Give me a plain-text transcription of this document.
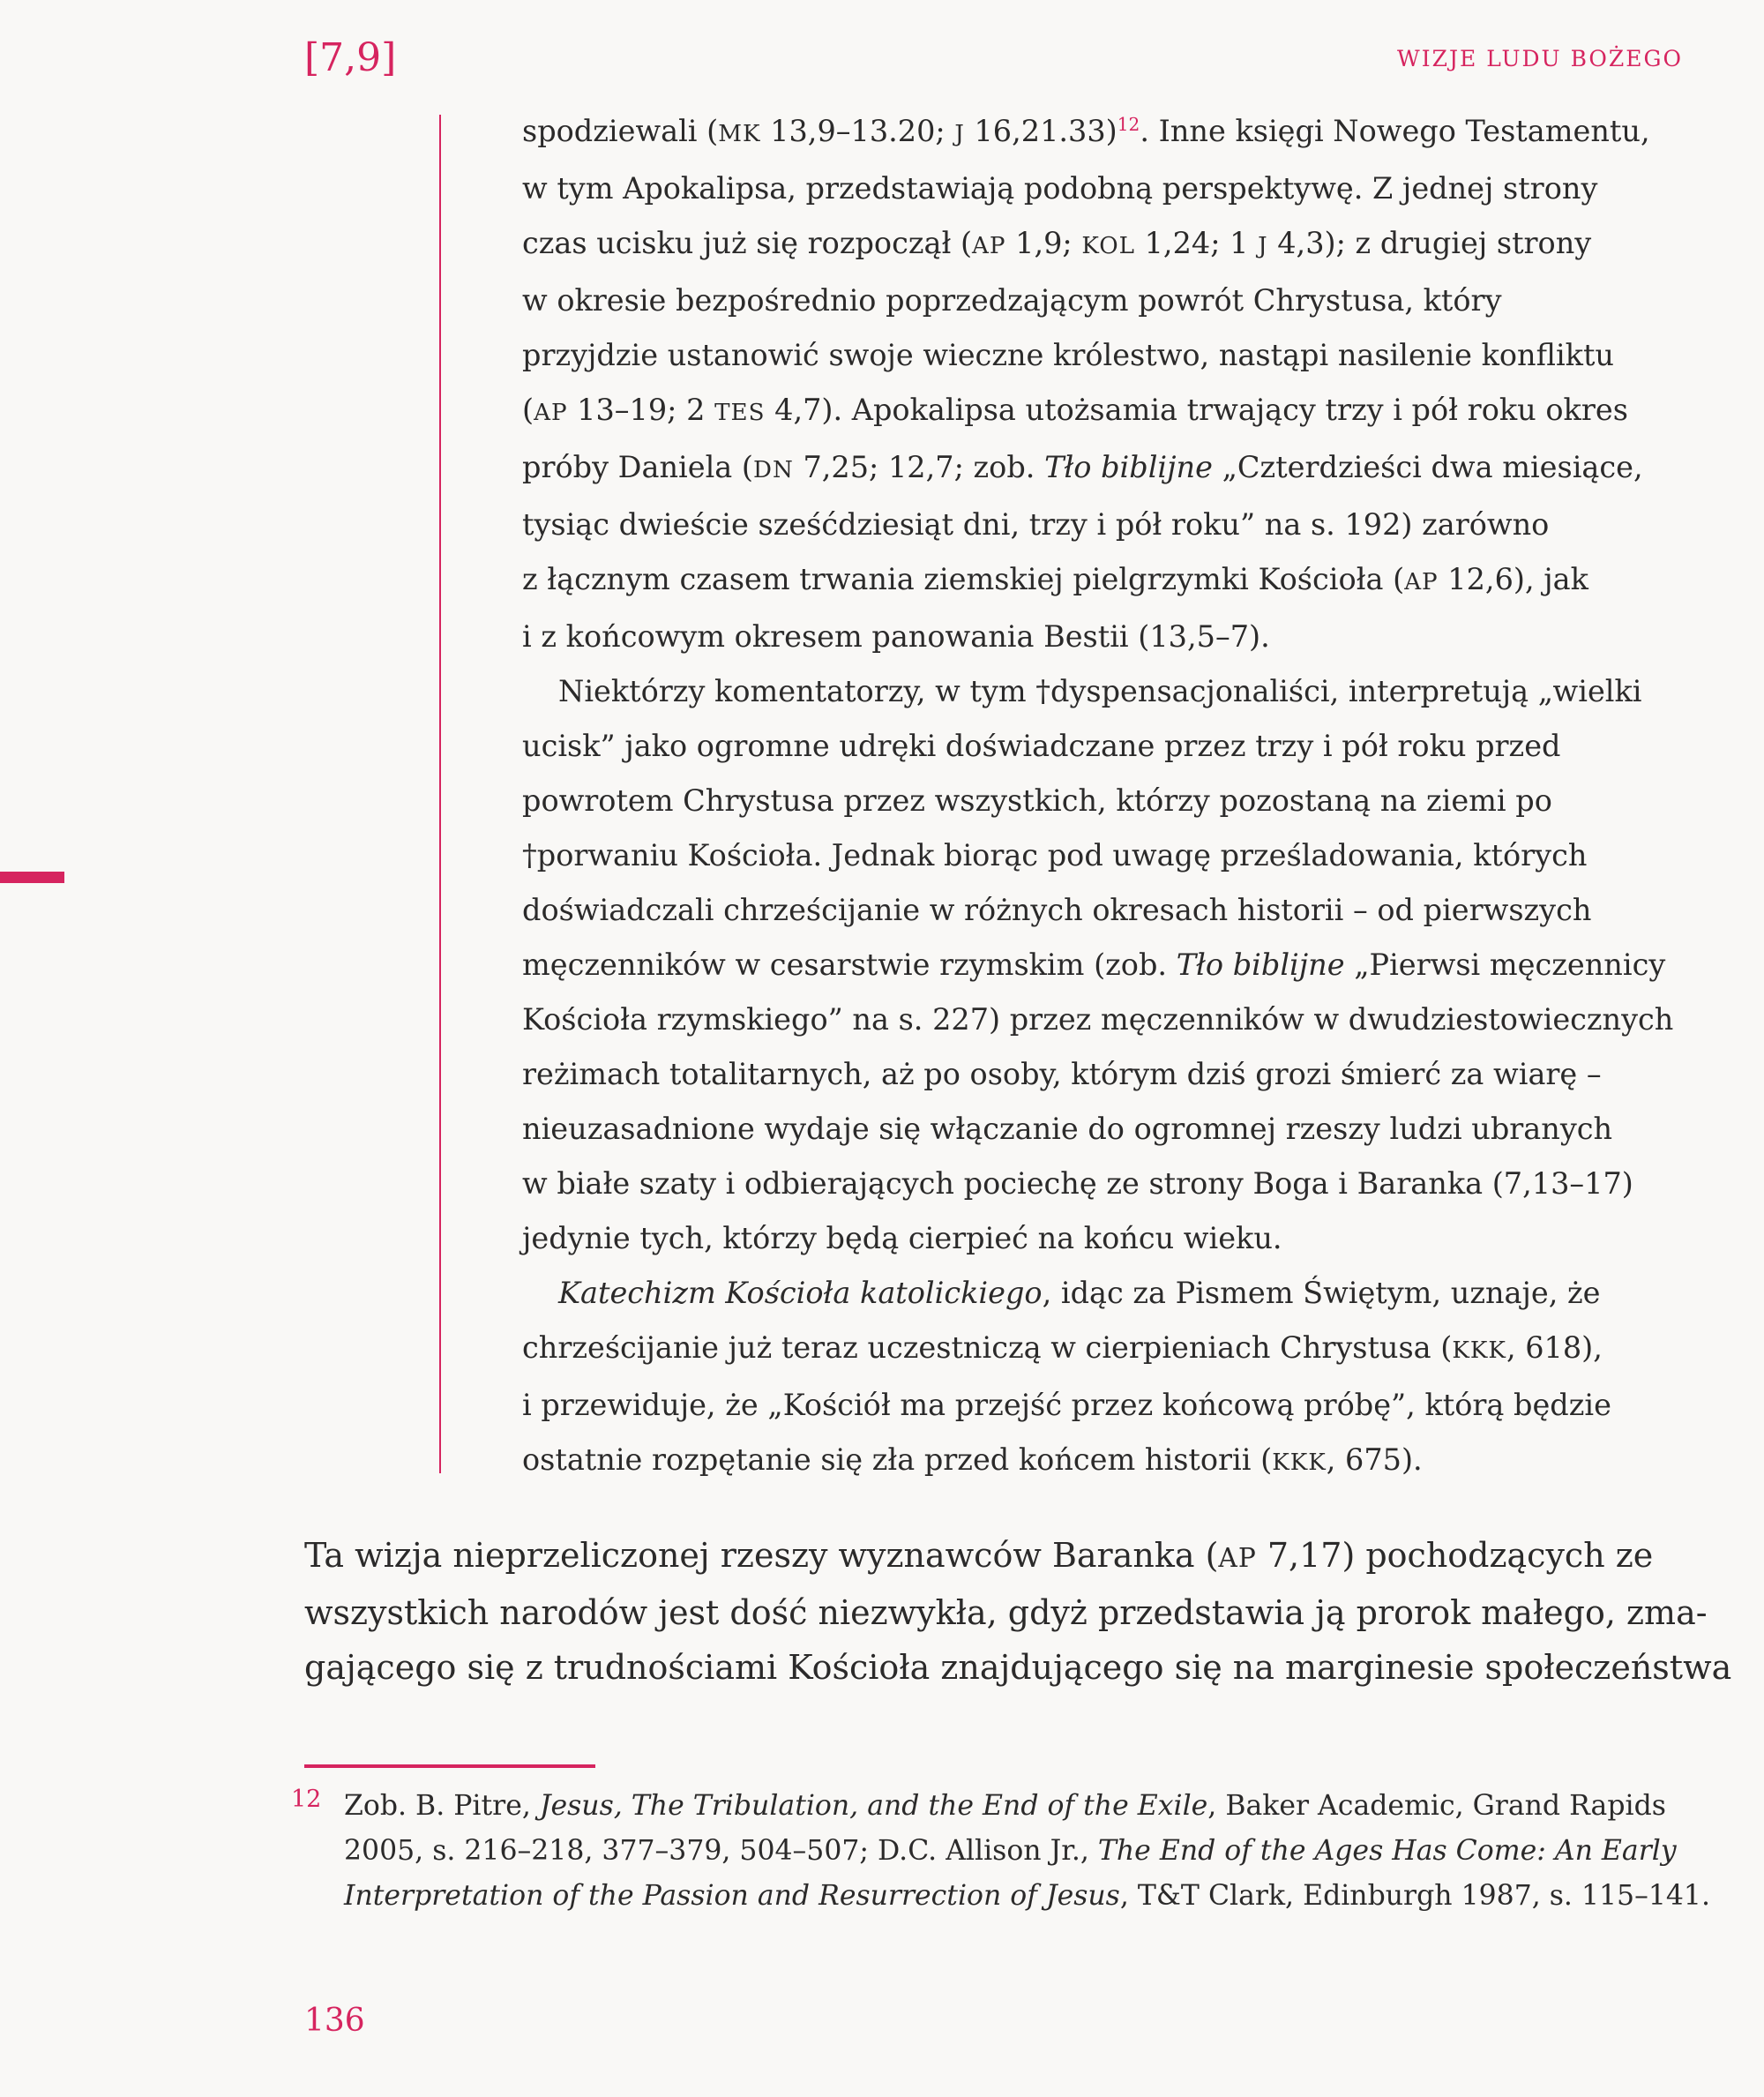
[7,9]	WIZJE LUDU BOŻEGO

spodziewali (MK 13,9–13.20; J 16,21.33)$^{12}$. Inne księgi Nowego Testamentu,
w tym Apokalipsa, przedstawiają podobną perspektywę. Z jednej strony
czas ucisku już się rozpoczął (AP 1,9; KOL 1,24; 1 J 4,3); z drugiej strony
w okresie bezpośrednio poprzedzającym powrót Chrystusa, który
przyjdzie ustanowić swoje wieczne królestwo, nastąpi nasilenie konfliktu
(AP 13–19; 2 TES 4,7). Apokalipsa utożsamia trwający trzy i pół roku okres
próby Daniela (DN 7,25; 12,7; zob. Tło biblijne „Czterdzieści dwa miesiące,
tysiąc dwieście sześćdziesiąt dni, trzy i pół roku” na s. 192) zarówno
z łącznym czasem trwania ziemskiej pielgrzymki Kościoła (AP 12,6), jak
i z końcowym okresem panowania Bestii (13,5–7).

Niektórzy komentatorzy, w tym †dyspensacjonaliści, interpretują „wielki
ucisk” jako ogromne udręki doświadczane przez trzy i pół roku przed
powrotem Chrystusa przez wszystkich, którzy pozostaną na ziemi po
†porwaniu Kościoła. Jednak biorąc pod uwagę prześladowania, których
doświadczali chrześcijanie w różnych okresach historii – od pierwszych
męczenników w cesarstwie rzymskim (zob. Tło biblijne „Pierwsi męczennicy
Kościoła rzymskiego” na s. 227) przez męczenników w dwudziestowiecznych
reżimach totalitarnych, aż po osoby, którym dziś grozi śmierć za wiarę –
nieuzasadnione wydaje się włączanie do ogromnej rzeszy ludzi ubranych
w białe szaty i odbierających pociechę ze strony Boga i Baranka (7,13–17)
jedynie tych, którzy będą cierpieć na końcu wieku.

Katechizm Kościoła katolickiego, idąc za Pismem Świętym, uznaje, że
chrześcijanie już teraz uczestniczą w cierpieniach Chrystusa (KKK, 618),
i przewiduje, że „Kościół ma przejść przez końcową próbę”, którą będzie
ostatnie rozpętanie się zła przed końcem historii (KKK, 675).

Ta wizja nieprzeliczonej rzeszy wyznawców Baranka (AP 7,17) pochodzących ze
wszystkich narodów jest dość niezwykła, gdyż przedstawia ją prorok małego, zma-
gającego się z trudnościami Kościoła znajdującego się na marginesie społeczeństwa
12 Zob. B. Pitre, Jesus, The Tribulation, and the End of the Exile, Baker Academic, Grand Rapids
2005, s. 216–218, 377–379, 504–507; D.C. Allison Jr., The End of the Ages Has Come: An Early
Interpretation of the Passion and Resurrection of Jesus, T&T Clark, Edinburgh 1987, s. 115–141.
136
